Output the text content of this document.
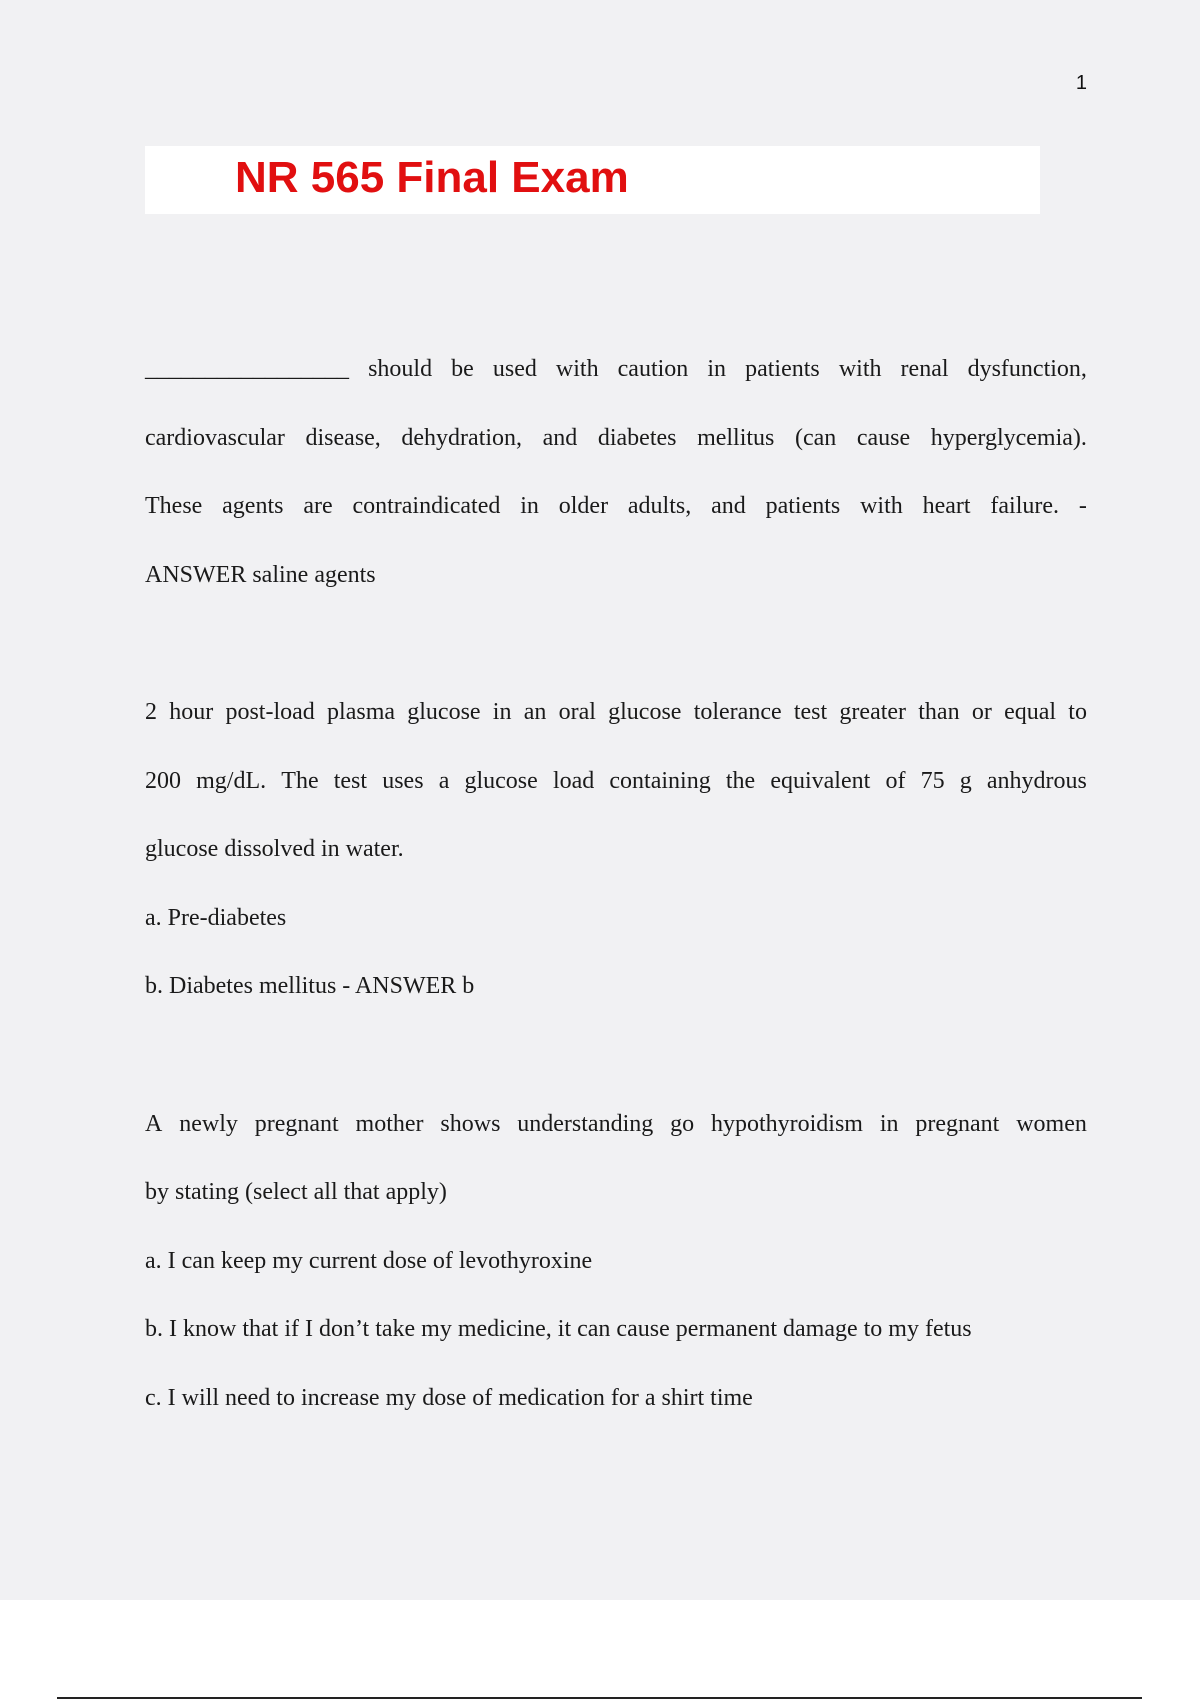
1
NR 565 Final Exam
_________________ should be used with caution in patients with renal dysfunction,
cardiovascular disease, dehydration, and diabetes mellitus (can cause hyperglycemia).
These agents are contraindicated in older adults, and patients with heart failure. -
ANSWER saline agents
2 hour post-load plasma glucose in an oral glucose tolerance test greater than or equal to
200 mg/dL. The test uses a glucose load containing the equivalent of 75 g anhydrous
glucose dissolved in water.
a. Pre-diabetes
b. Diabetes mellitus - ANSWER b
A newly pregnant mother shows understanding go hypothyroidism in pregnant women
by stating (select all that apply)
a. I can keep my current dose of levothyroxine
b. I know that if I don’t take my medicine, it can cause permanent damage to my fetus
c. I will need to increase my dose of medication for a shirt time
